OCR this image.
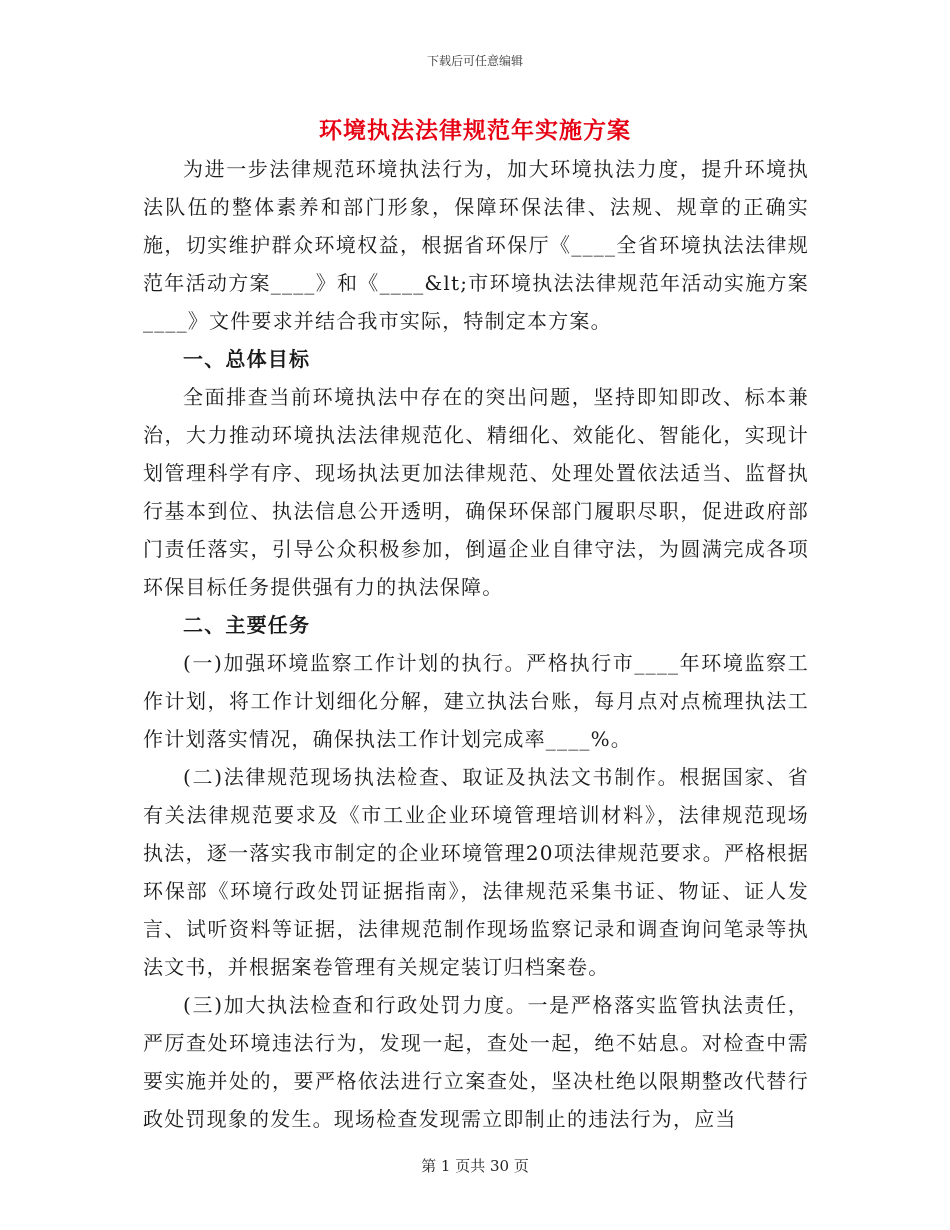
下载后可任意编辑
环境执法法律规范年实施方案

为进一步法律规范环境执法行为，加大环境执法力度，提升环境执法队伍的整体素养和部门形象，保障环保法律、法规、规章的正确实施，切实维护群众环境权益，根据省环保厅《____全省环境执法法律规范年活动方案____》和《____&lt;市环境执法法律规范年活动实施方案____》文件要求并结合我市实际，特制定本方案。

一、总体目标

全面排查当前环境执法中存在的突出问题，坚持即知即改、标本兼治，大力推动环境执法法律规范化、精细化、效能化、智能化，实现计划管理科学有序、现场执法更加法律规范、处理处置依法适当、监督执行基本到位、执法信息公开透明，确保环保部门履职尽职，促进政府部门责任落实，引导公众积极参加，倒逼企业自律守法，为圆满完成各项环保目标任务提供强有力的执法保障。

二、主要任务

(一)加强环境监察工作计划的执行。严格执行市____年环境监察工作计划，将工作计划细化分解，建立执法台账，每月点对点梳理执法工作计划落实情况，确保执法工作计划完成率____%。

(二)法律规范现场执法检查、取证及执法文书制作。根据国家、省有关法律规范要求及《市工业企业环境管理培训材料》，法律规范现场执法，逐一落实我市制定的企业环境管理20项法律规范要求。严格根据环保部《环境行政处罚证据指南》，法律规范采集书证、物证、证人发言、试听资料等证据，法律规范制作现场监察记录和调查询问笔录等执法文书，并根据案卷管理有关规定装订归档案卷。

(三)加大执法检查和行政处罚力度。一是严格落实监管执法责任，严厉查处环境违法行为，发现一起，查处一起，绝不姑息。对检查中需要实施并处的，要严格依法进行立案查处，坚决杜绝以限期整改代替行政处罚现象的发生。现场检查发现需立即制止的违法行为，应当

第 1 页共 30 页
